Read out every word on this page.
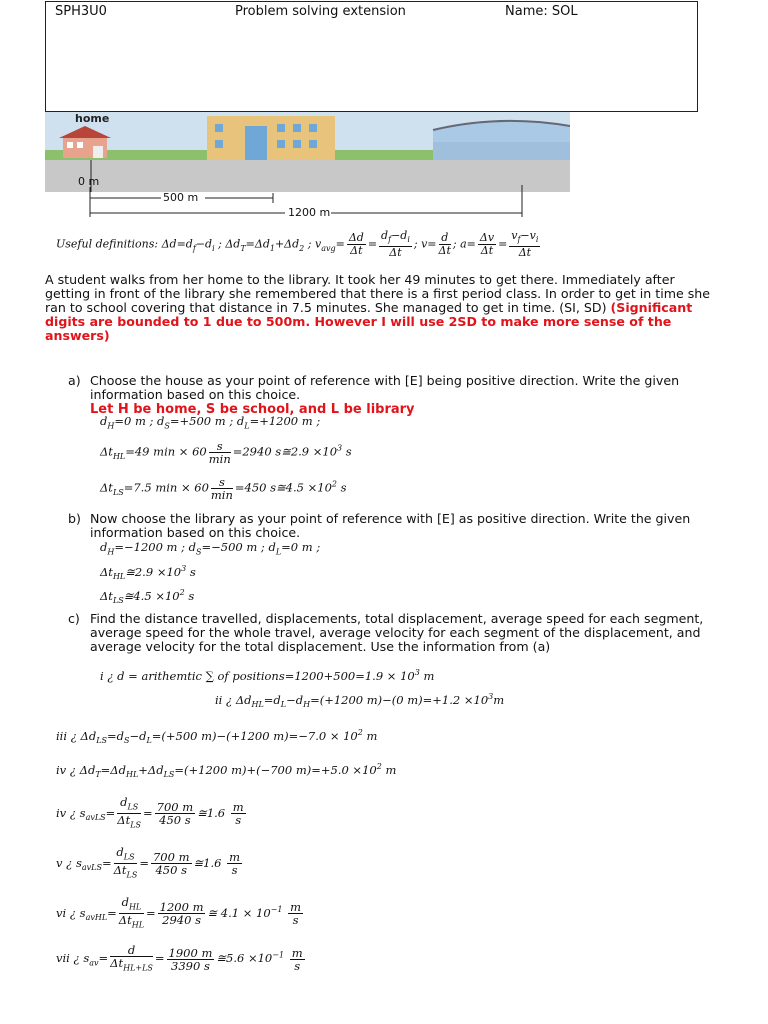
SPH3U0	Problem solving extension	Name: SOL
home
0 m
500 m
1200 m
Useful definitions: $\Delta d=d_f-d_i$ ; $\Delta d_T=\Delta d_1+\Delta d_2$ ; $v_{avg}= \frac{\Delta d}{\Delta t} = \frac{d_f-d_i}{\Delta t}$ ; $v= \frac{d}{\Delta t}$ ; $a= \frac{\Delta v}{\Delta t} = \frac{v_f-v_i}{\Delta t}$
A student walks from her home to the library. It took her 49 minutes to get there. Immediately after getting in front of the library she remembered that there is a first period class. In order to get in time she ran to school covering that distance in 7.5 minutes. She managed to get in time. (SI, SD) (Significant digits are bounded to 1 due to 500m. However I will use 2SD to make more sense of the answers)
a) Choose the house as your point of reference with [E] being positive direction. Write the given information based on this choice.
Let H be home, S be school, and L be library
$d_H=0$ m ; $d_S=+500$ m ; $d_L=+1200$ m ;
$\Delta t_{HL}=49$ $\min \times 60 \frac{s}{\min} =2940$ s≅2.9 $\times 10^3$ s
$\Delta t_{LS}=7.5$ $\min \times 60 \frac{s}{\min} =450$ s≅4.5 $\times 10^2$ s
b) Now choose the library as your point of reference with [E] as positive direction. Write the given information based on this choice.
$d_H=-1200$ m ; $d_S=-500$ m ; $d_L=0$ m ;
$\Delta t_{HL}≅2.9 \times 10^3$ s
$\Delta t_{LS}≅4.5 \times 10^2$ s
c) Find the distance travelled, displacements, total displacement, average speed for each segment, average speed for the whole travel, average velocity for each segment of the displacement, and average velocity for the total displacement. Use the information from (a)
i ¿ d = arithemtic ∑ of positions=1200+500=1.9 × $10^3$ m
ii ¿ $\Delta d_{HL}=d_L-d_H=(+1200$ m)−(0 $m)=+1.2 \times 10^3m$
iii ¿ $\Delta d_{LS}=d_S-d_L=(+500$ m)−(+1200 $m)=-7.0 \times 10^2$ m
iv ¿ $\Delta d_T=\Delta d_{HL}+\Delta d_{LS}=(+1200$ m)+(−700 $m)=+5.0 \times 10^2$ m
iv ¿ $s_{avLS}= \frac{d_{LS}}{\Delta t_{LS}} = \frac{700 m}{450 s}$ ≅1.6 $\frac{m}{s}$
v ¿ $s_{avLS}= \frac{d_{LS}}{\Delta t_{LS}} = \frac{700 m}{450 s}$ ≅1.6 $\frac{m}{s}$
vi ¿ $s_{avHL}= \frac{d_{HL}}{\Delta t_{HL}} = \frac{1200 m}{2940 s}$ ≅ $4.1 \times 10^{-1} \frac{m}{s}$
vii ¿ $s_{av}= \frac{d}{\Delta t_{HL+LS}} = \frac{1900 m}{3390 s}$ ≅5.6 $\times 10^{-1} \frac{m}{s}$
